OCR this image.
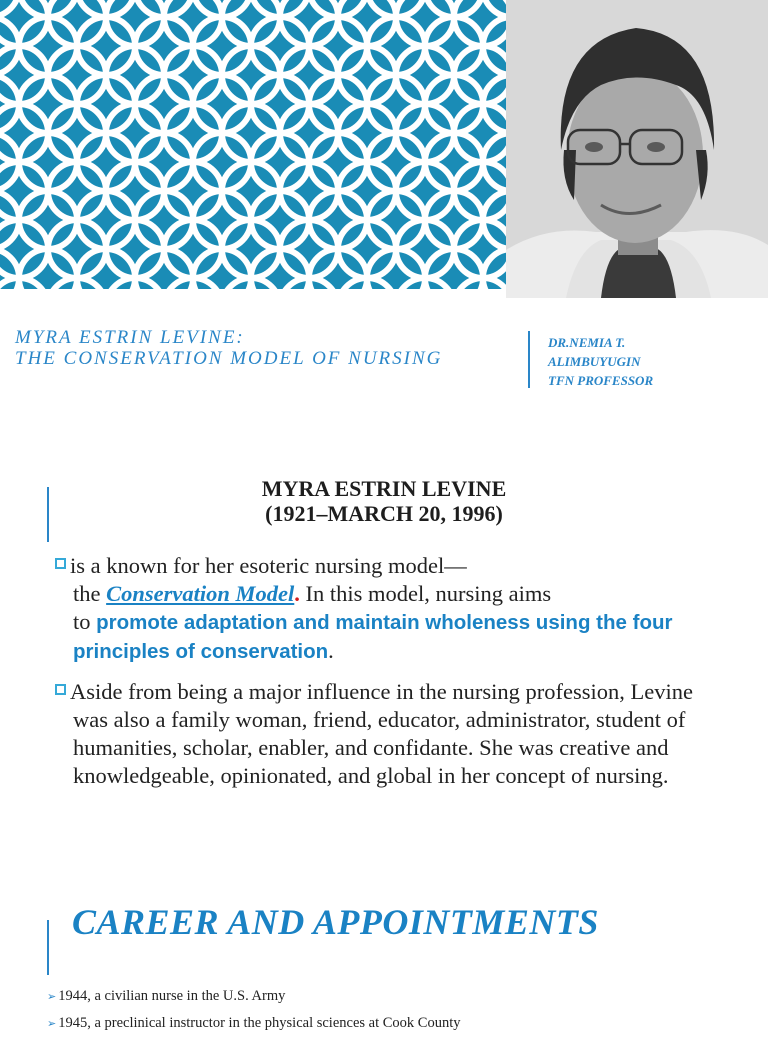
MYRA ESTRIN LEVINE:
THE CONSERVATION MODEL OF NURSING
DR.NEMIA T.
ALIMBUYUGIN
TFN PROFESSOR
MYRA ESTRIN LEVINE
(1921–MARCH 20, 1996)
is a known for her esoteric nursing model—
the Conservation Model. In this model, nursing aims
to promote adaptation and maintain wholeness using the four principles of conservation.
Aside from being a major influence in the nursing profession, Levine was also a family woman, friend, educator, administrator, student of humanities, scholar, enabler, and confidante. She was creative and knowledgeable, opinionated, and global in her concept of nursing.
CAREER AND APPOINTMENTS
➢ 1944, a civilian nurse in the U.S. Army
➢ 1945, a preclinical instructor in the physical sciences at Cook County
